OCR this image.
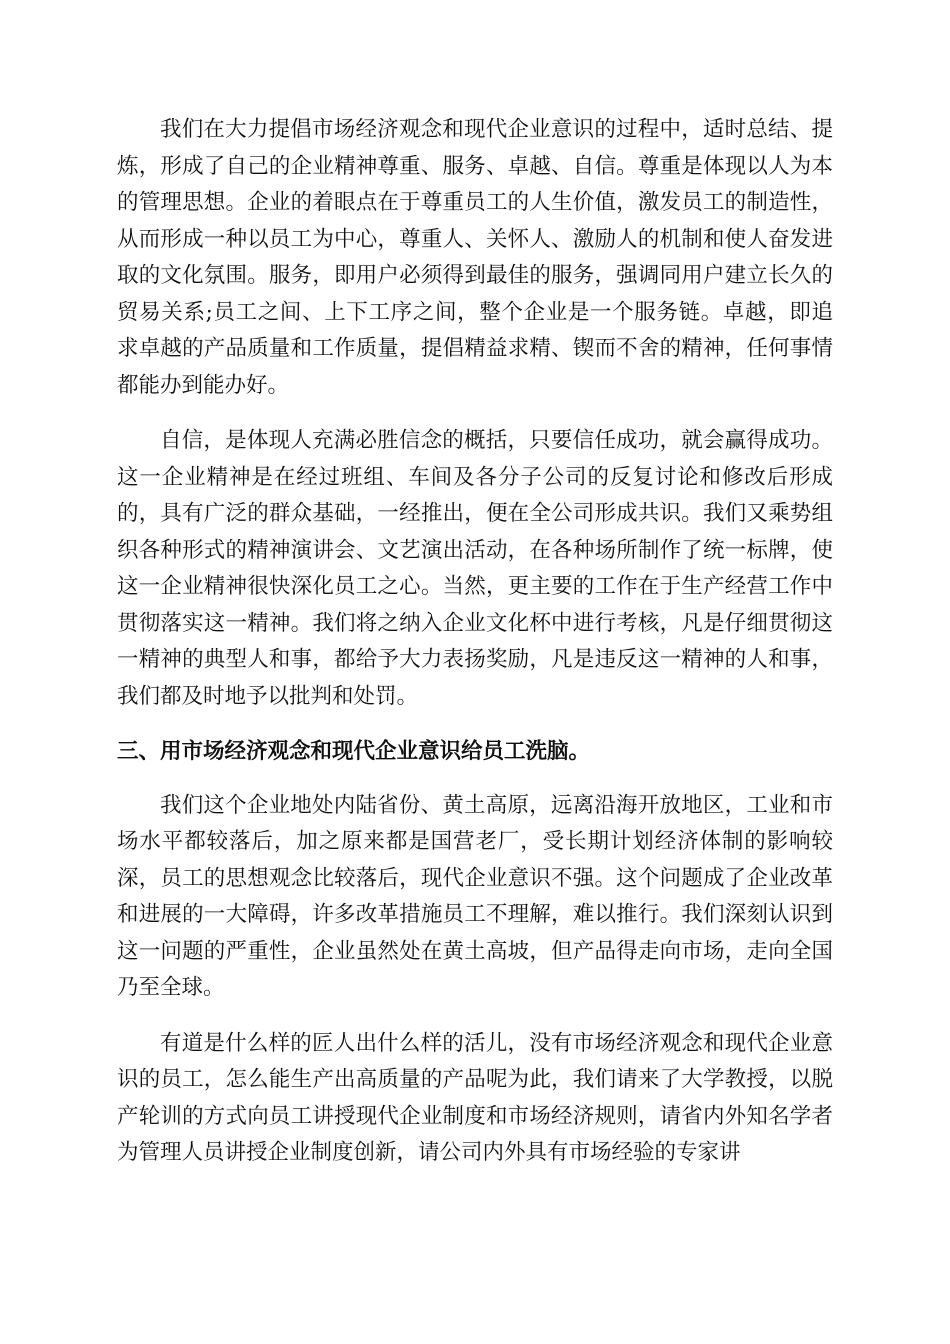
我们在大力提倡市场经济观念和现代企业意识的过程中，适时总结、提炼，形成了自己的企业精神尊重、服务、卓越、自信。尊重是体现以人为本的管理思想。企业的着眼点在于尊重员工的人生价值，激发员工的制造性，从而形成一种以员工为中心，尊重人、关怀人、激励人的机制和使人奋发进取的文化氛围。服务，即用户必须得到最佳的服务，强调同用户建立长久的贸易关系;员工之间、上下工序之间，整个企业是一个服务链。卓越，即追求卓越的产品质量和工作质量，提倡精益求精、锲而不舍的精神，任何事情都能办到能办好。

自信，是体现人充满必胜信念的概括，只要信任成功，就会赢得成功。这一企业精神是在经过班组、车间及各分子公司的反复讨论和修改后形成的，具有广泛的群众基础，一经推出，便在全公司形成共识。我们又乘势组织各种形式的精神演讲会、文艺演出活动，在各种场所制作了统一标牌，使这一企业精神很快深化员工之心。当然，更主要的工作在于生产经营工作中贯彻落实这一精神。我们将之纳入企业文化杯中进行考核，凡是仔细贯彻这一精神的典型人和事，都给予大力表扬奖励，凡是违反这一精神的人和事，我们都及时地予以批判和处罚。

三、用市场经济观念和现代企业意识给员工洗脑。

我们这个企业地处内陆省份、黄土高原，远离沿海开放地区，工业和市场水平都较落后，加之原来都是国营老厂，受长期计划经济体制的影响较深，员工的思想观念比较落后，现代企业意识不强。这个问题成了企业改革和进展的一大障碍，许多改革措施员工不理解，难以推行。我们深刻认识到这一问题的严重性，企业虽然处在黄土高坡，但产品得走向市场，走向全国乃至全球。

有道是什么样的匠人出什么样的活儿，没有市场经济观念和现代企业意识的员工，怎么能生产出高质量的产品呢为此，我们请来了大学教授，以脱产轮训的方式向员工讲授现代企业制度和市场经济规则，请省内外知名学者为管理人员讲授企业制度创新，请公司内外具有市场经验的专家讲
